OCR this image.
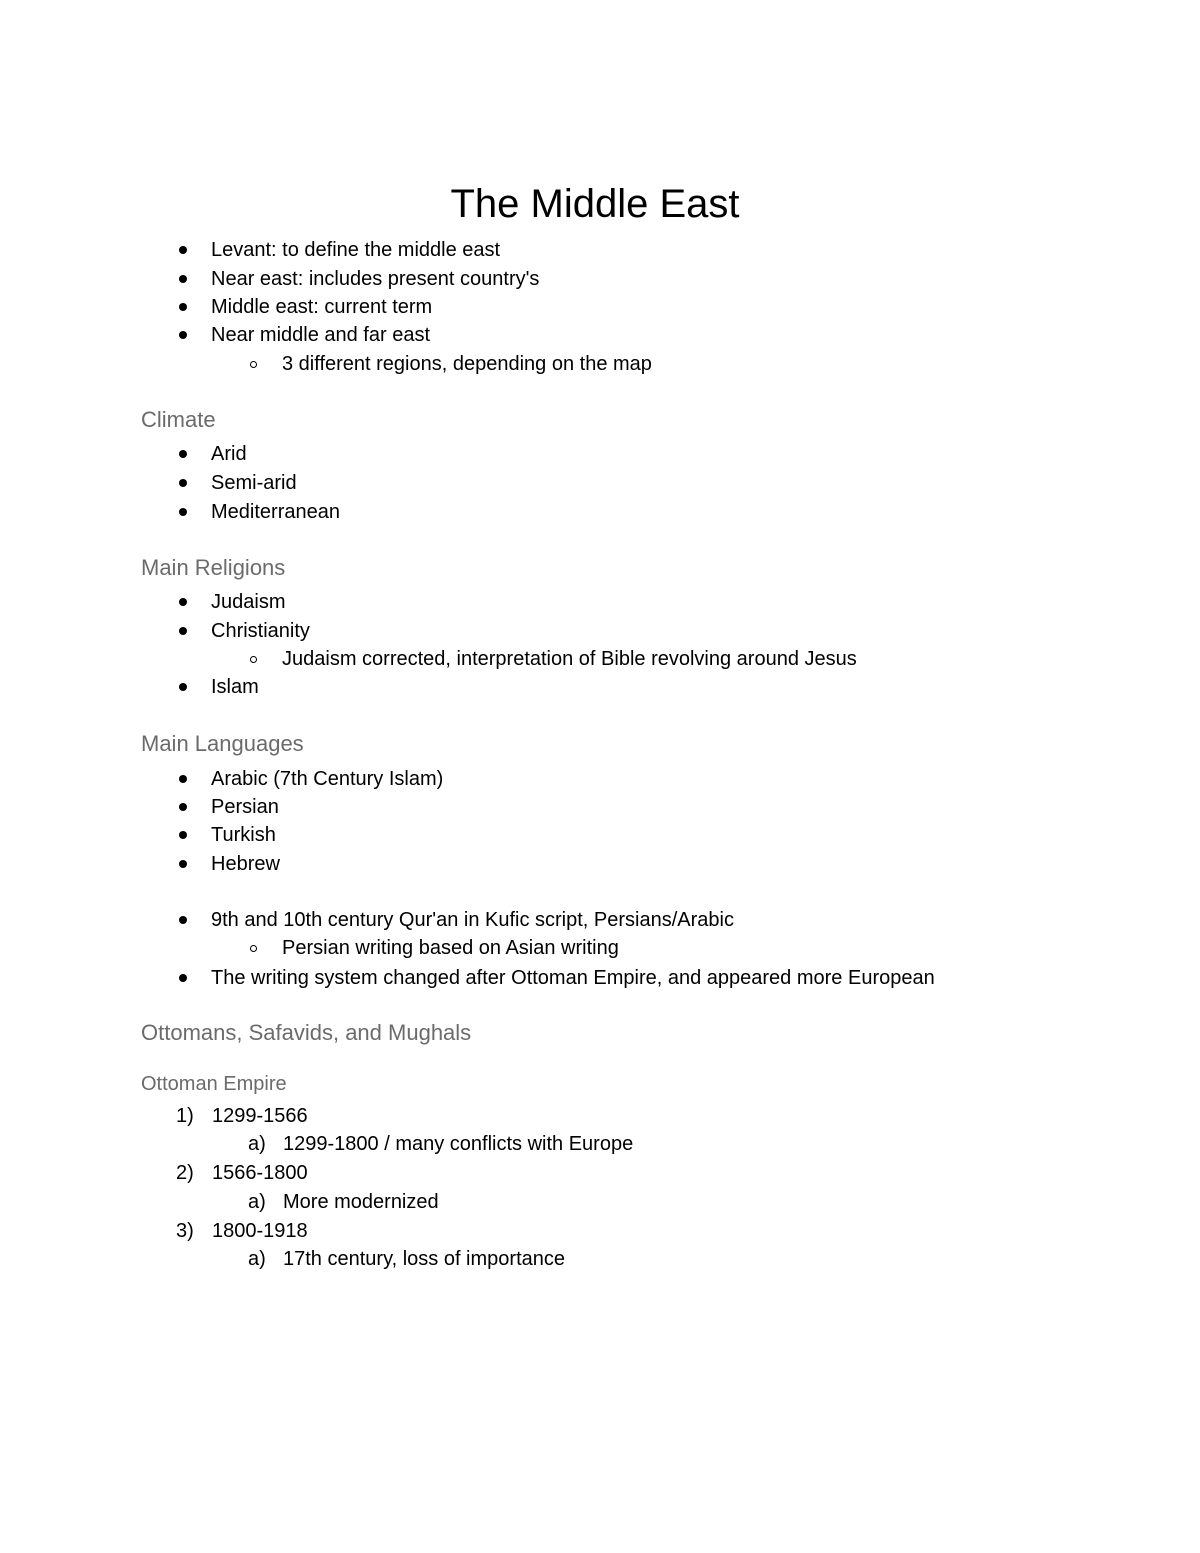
The Middle East
Levant: to define the middle east
Near east: includes present country's
Middle east: current term
Near middle and far east
3 different regions, depending on the map
Climate
Arid
Semi-arid
Mediterranean
Main Religions
Judaism
Christianity
Judaism corrected, interpretation of Bible revolving around Jesus
Islam
Main Languages
Arabic (7th Century Islam)
Persian
Turkish
Hebrew
9th and 10th century Qur'an in Kufic script, Persians/Arabic
Persian writing based on Asian writing
The writing system changed after Ottoman Empire, and appeared more European
Ottomans, Safavids, and Mughals
Ottoman Empire
1) 1299-1566
a) 1299-1800 / many conflicts with Europe
2) 1566-1800
a) More modernized
3) 1800-1918
a) 17th century, loss of importance
